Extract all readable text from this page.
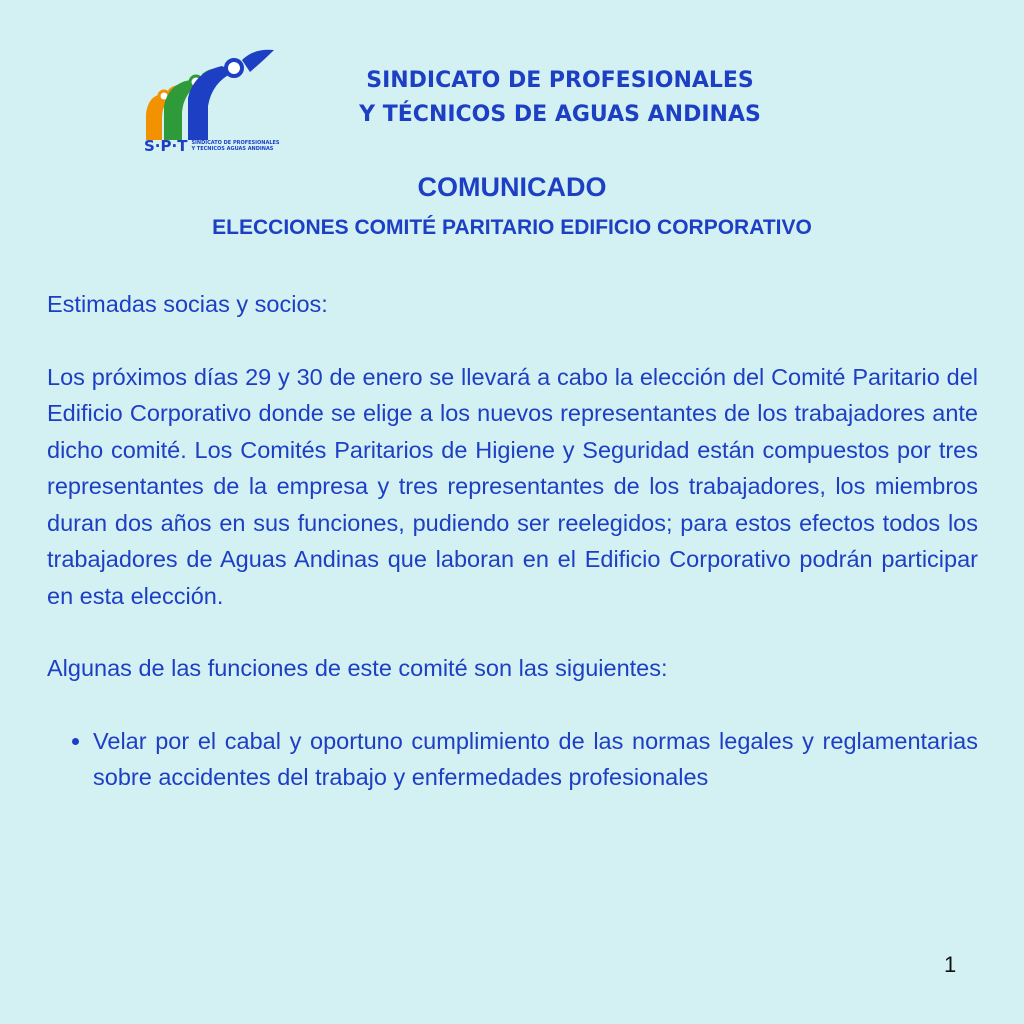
S·P·T SINDICATO DE PROFESIONALES
Y TECNICOS AGUAS ANDINAS
SINDICATO DE PROFESIONALES
Y TÉCNICOS DE AGUAS ANDINAS
COMUNICADO
ELECCIONES COMITÉ PARITARIO EDIFICIO CORPORATIVO

Estimadas socias y socios:

Los próximos días 29 y 30 de enero se llevará a cabo la elección del Comité Paritario del Edificio Corporativo donde se elige a los nuevos representantes de los trabajadores ante dicho comité. Los Comités Paritarios de Higiene y Seguridad están compuestos por tres representantes de la empresa y tres representantes de los trabajadores, los miembros duran dos años en sus funciones, pudiendo ser reelegidos; para estos efectos todos los trabajadores de Aguas Andinas que laboran en el Edificio Corporativo podrán participar en esta elección.

Algunas de las funciones de este comité son las siguientes:

• Velar por el cabal y oportuno cumplimiento de las normas legales y reglamentarias sobre accidentes del trabajo y enfermedades profesionales
1
